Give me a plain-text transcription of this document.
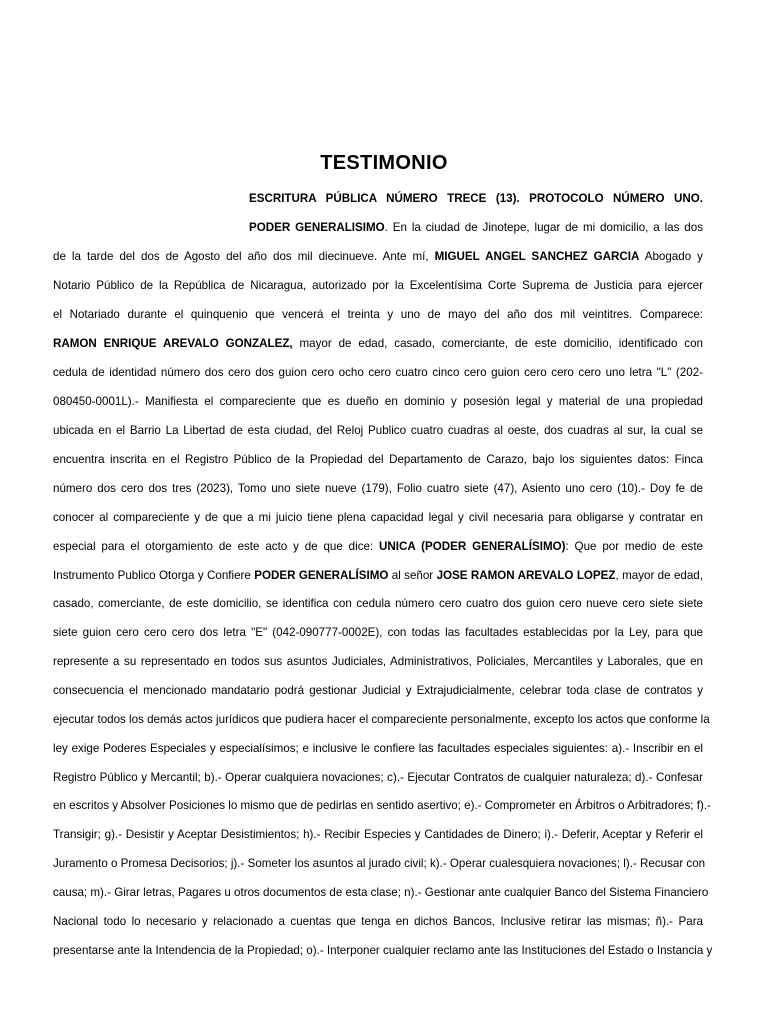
TESTIMONIO
ESCRITURA PÚBLICA NÚMERO TRECE (13). PROTOCOLO NÚMERO UNO.
PODER GENERALISIMO. En la ciudad de Jinotepe, lugar de mi domicilio, a las dos
de la tarde del dos de Agosto del año dos mil diecinueve. Ante mí, MIGUEL ANGEL SANCHEZ GARCIA Abogado y
Notario Público de la República de Nicaragua, autorizado por la Excelentísima Corte Suprema de Justicia para ejercer
el Notariado durante el quinquenio que vencerá el treinta y uno de mayo del año dos mil veintitres. Comparece:
RAMON ENRIQUE AREVALO GONZALEZ, mayor de edad, casado, comerciante, de este domicilio, identificado con
cedula de identidad número dos cero dos guion cero ocho cero cuatro cinco cero guion cero cero cero uno letra "L" (202-
080450-0001L).- Manifiesta el compareciente que es dueño en dominio y posesión legal y material de una propiedad
ubicada en el Barrio La Libertad de esta ciudad, del Reloj Publico cuatro cuadras al oeste, dos cuadras al sur, la cual se
encuentra inscrita en el Registro Público de la Propiedad del Departamento de Carazo, bajo los siguientes datos: Finca
número dos cero dos tres (2023), Tomo uno siete nueve (179), Folio cuatro siete (47), Asiento uno cero (10).- Doy fe de
conocer al compareciente y de que a mi juicio tiene plena capacidad legal y civil necesaria para obligarse y contratar en
especial para el otorgamiento de este acto y de que dice: UNICA (PODER GENERALÍSIMO): Que por medio de este
Instrumento Publico Otorga y Confiere PODER GENERALÍSIMO al señor JOSE RAMON AREVALO LOPEZ, mayor de edad,
casado, comerciante, de este domicilio, se identifica con cedula número cero cuatro dos guion cero nueve cero siete siete
siete guion cero cero cero dos letra "E" (042-090777-0002E), con todas las facultades establecidas por la Ley, para que
represente a su representado en todos sus asuntos Judiciales, Administrativos, Policiales, Mercantiles y Laborales, que en
consecuencia el mencionado mandatario podrá gestionar Judicial y Extrajudicialmente, celebrar toda clase de contratos y
ejecutar todos los demás actos jurídicos que pudiera hacer el compareciente personalmente, excepto los actos que conforme la
ley exige Poderes Especiales y especialísimos; e inclusive le confiere las facultades especiales siguientes: a).- Inscribir en el
Registro Público y Mercantil; b).- Operar cualquiera novaciones; c).- Ejecutar Contratos de cualquier naturaleza; d).- Confesar
en escritos y Absolver Posiciones lo mismo que de pedirlas en sentido asertivo; e).- Comprometer en Árbitros o Arbitradores; f).-
Transigir; g).- Desistir y Aceptar Desistimientos; h).- Recibir Especies y Cantidades de Dinero; i).- Deferir, Aceptar y Referir el
Juramento o Promesa Decisorios; j).- Someter los asuntos al jurado civil; k).- Operar cualesquiera novaciones; l).- Recusar con
causa; m).- Girar letras, Pagares u otros documentos de esta clase; n).- Gestionar ante cualquier Banco del Sistema Financiero
Nacional todo lo necesario y relacionado a cuentas que tenga en dichos Bancos, Inclusive retirar las mismas; ñ).- Para
presentarse ante la Intendencia de la Propiedad; o).- Interponer cualquier reclamo ante las Instituciones del Estado o Instancia y
